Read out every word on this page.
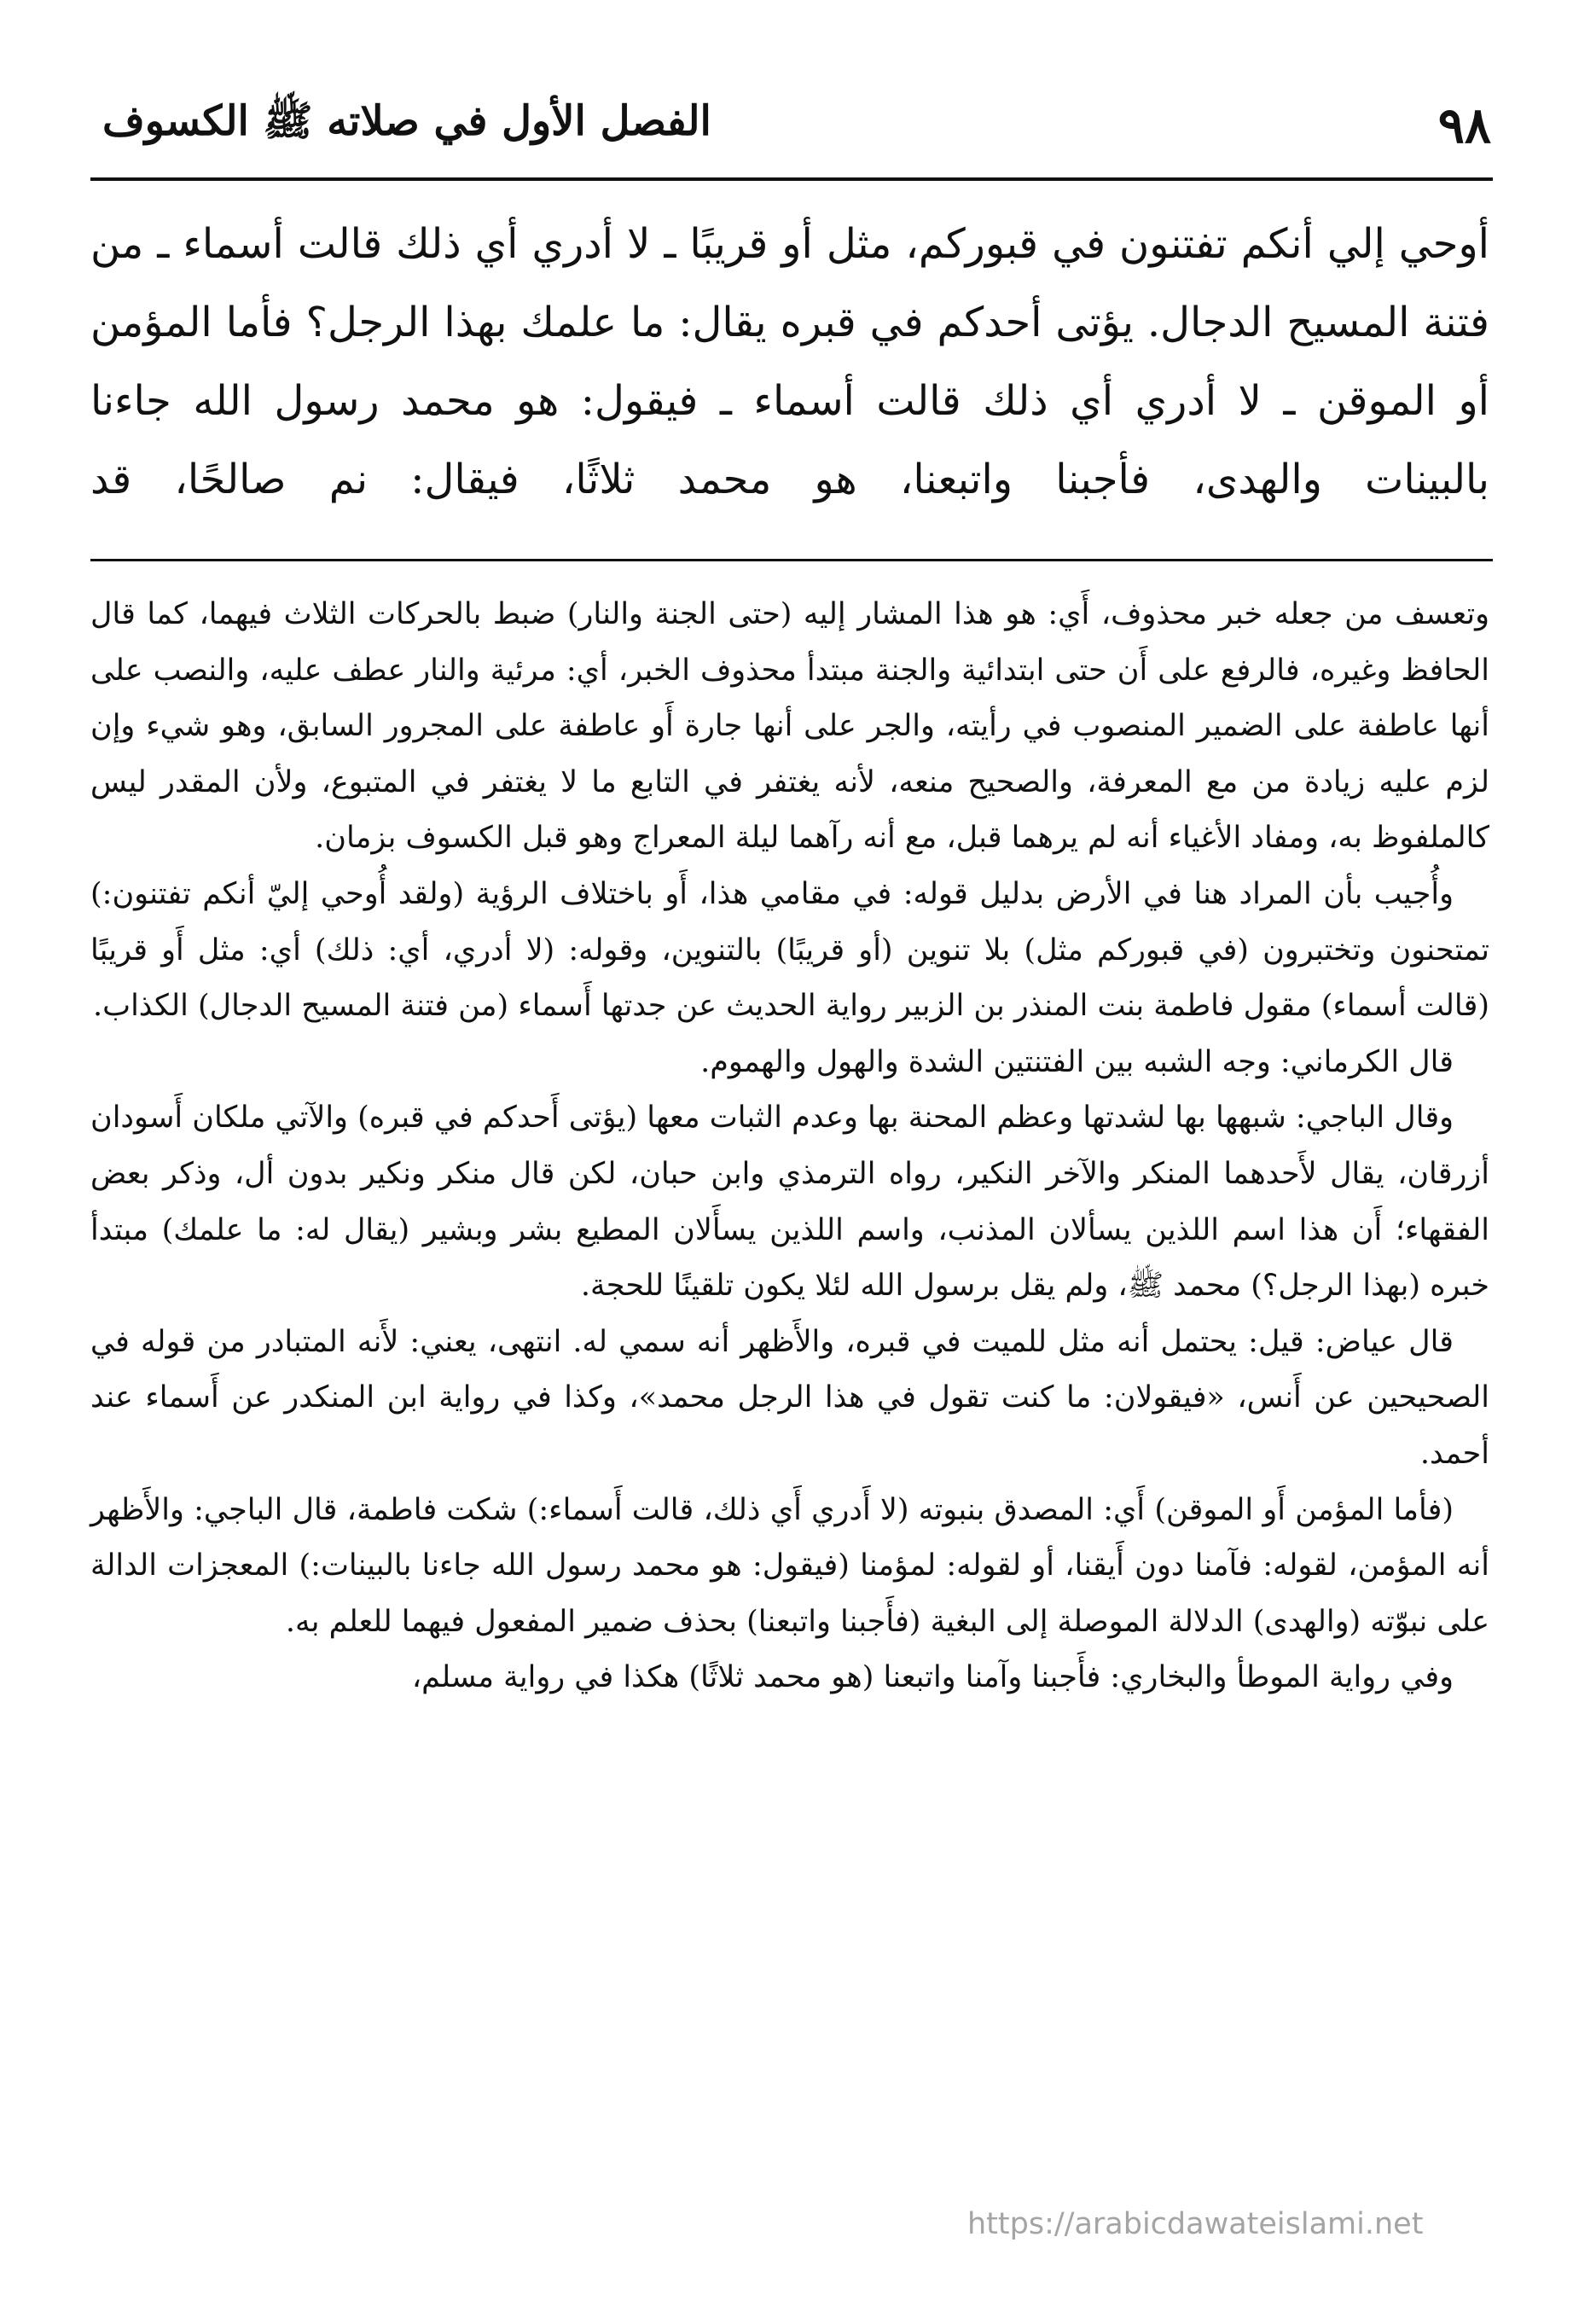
٩٨
الفصل الأول في صلاته ﷺ الكسوف

أوحي إلي أنكم تفتنون في قبوركم، مثل أو قريبًا ـ لا أدري أي ذلك قالت أسماء ـ من فتنة المسيح الدجال. يؤتى أحدكم في قبره يقال: ما علمك بهذا الرجل؟ فأما المؤمن أو الموقن ـ لا أدري أي ذلك قالت أسماء ـ فيقول: هو محمد رسول الله جاءنا بالبينات والهدى، فأجبنا واتبعنا، هو محمد ثلاثًا، فيقال: نم صالحًا، قد

وتعسف من جعله خبر محذوف، أَي: هو هذا المشار إليه (حتى الجنة والنار) ضبط بالحركات الثلاث فيهما، كما قال الحافظ وغيره، فالرفع على أَن حتى ابتدائية والجنة مبتدأ محذوف الخبر، أي: مرئية والنار عطف عليه، والنصب على أنها عاطفة على الضمير المنصوب في رأيته، والجر على أنها جارة أَو عاطفة على المجرور السابق، وهو شيء وإن لزم عليه زيادة من مع المعرفة، والصحيح منعه، لأنه يغتفر في التابع ما لا يغتفر في المتبوع، ولأن المقدر ليس كالملفوظ به، ومفاد الأغياء أنه لم يرهما قبل، مع أنه رآهما ليلة المعراج وهو قبل الكسوف بزمان.

وأُجيب بأن المراد هنا في الأرض بدليل قوله: في مقامي هذا، أَو باختلاف الرؤية (ولقد أُوحي إليّ أنكم تفتنون:) تمتحنون وتختبرون (في قبوركم مثل) بلا تنوين (أو قريبًا) بالتنوين، وقوله: (لا أدري، أي: ذلك) أي: مثل أَو قريبًا (قالت أسماء) مقول فاطمة بنت المنذر بن الزبير رواية الحديث عن جدتها أَسماء (من فتنة المسيح الدجال) الكذاب.

قال الكرماني: وجه الشبه بين الفتنتين الشدة والهول والهموم.

وقال الباجي: شبهها بها لشدتها وعظم المحنة بها وعدم الثبات معها (يؤتى أَحدكم في قبره) والآتي ملكان أَسودان أزرقان، يقال لأَحدهما المنكر والآخر النكير، رواه الترمذي وابن حبان، لكن قال منكر ونكير بدون أل، وذكر بعض الفقهاء؛ أَن هذا اسم اللذين يسألان المذنب، واسم اللذين يسأَلان المطيع بشر وبشير (يقال له: ما علمك) مبتدأ خبره (بهذا الرجل؟) محمد ﷺ، ولم يقل برسول الله لئلا يكون تلقينًا للحجة.

قال عياض: قيل: يحتمل أنه مثل للميت في قبره، والأَظهر أنه سمي له. انتهى، يعني: لأَنه المتبادر من قوله في الصحيحين عن أَنس، «فيقولان: ما كنت تقول في هذا الرجل محمد»، وكذا في رواية ابن المنكدر عن أَسماء عند أحمد.

(فأما المؤمن أَو الموقن) أَي: المصدق بنبوته (لا أَدري أَي ذلك، قالت أَسماء:) شكت فاطمة، قال الباجي: والأَظهر أنه المؤمن، لقوله: فآمنا دون أَيقنا، أو لقوله: لمؤمنا (فيقول: هو محمد رسول الله جاءنا بالبينات:) المعجزات الدالة على نبوّته (والهدى) الدلالة الموصلة إلى البغية (فأَجبنا واتبعنا) بحذف ضمير المفعول فيهما للعلم به.

وفي رواية الموطأ والبخاري: فأَجبنا وآمنا واتبعنا (هو محمد ثلاثًا) هكذا في رواية مسلم،

https://arabicdawateislami.net
